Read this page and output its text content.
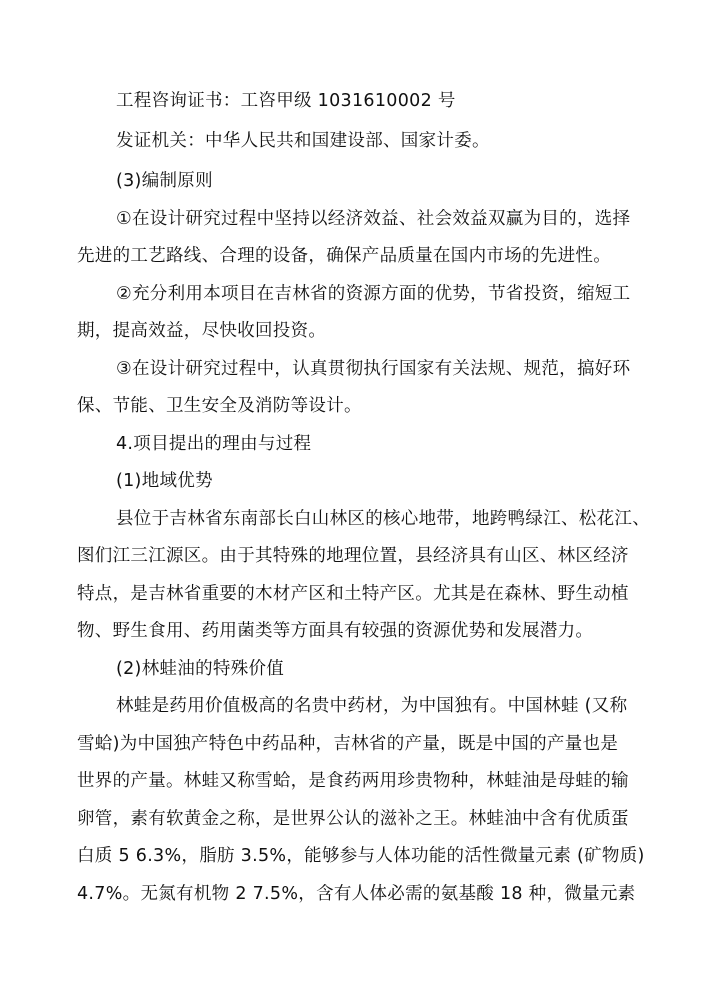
工程咨询证书：工咨甲级 1031610002 号
发证机关：中华人民共和国建设部、国家计委。
(3)编制原则
①在设计研究过程中坚持以经济效益、社会效益双赢为目的，选择
先进的工艺路线、合理的设备，确保产品质量在国内市场的先进性。
②充分利用本项目在吉林省的资源方面的优势，节省投资，缩短工
期，提高效益，尽快收回投资。
③在设计研究过程中，认真贯彻执行国家有关法规、规范，搞好环
保、节能、卫生安全及消防等设计。
4.项目提出的理由与过程
(1)地域优势
县位于吉林省东南部长白山林区的核心地带，地跨鸭绿江、松花江、
图们江三江源区。由于其特殊的地理位置，县经济具有山区、林区经济
特点，是吉林省重要的木材产区和土特产区。尤其是在森林、野生动植
物、野生食用、药用菌类等方面具有较强的资源优势和发展潜力。
(2)林蛙油的特殊价值
林蛙是药用价值极高的名贵中药材，为中国独有。中国林蛙 (又称
雪蛤)为中国独产特色中药品种，吉林省的产量，既是中国的产量也是
世界的产量。林蛙又称雪蛤，是食药两用珍贵物种，林蛙油是母蛙的输
卵管，素有软黄金之称，是世界公认的滋补之王。林蛙油中含有优质蛋
白质 5 6.3%，脂肪 3.5%，能够参与人体功能的活性微量元素 (矿物质)
4.7%。无氮有机物 2 7.5%，含有人体必需的氨基酸 18 种，微量元素
